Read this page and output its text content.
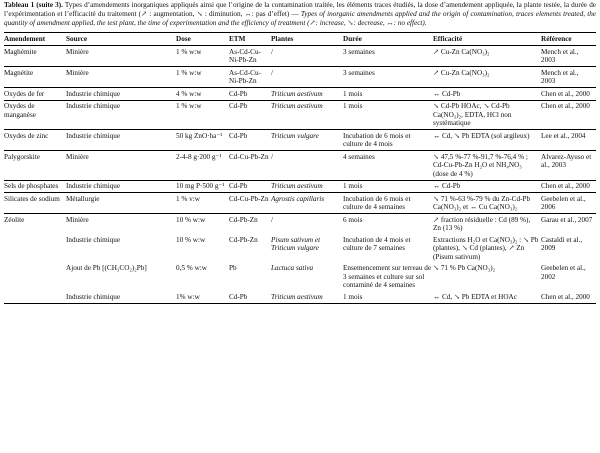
Tableau 1 (suite 3). Types d’amendements inorganiques appliqués ainsi que l’origine de la contamination traitée, les éléments traces étudiés, la dose d’amendement appliquée, la plante testée, la durée de l’expérimentation et l’efficacité du traitement (↗ : augmentation, ↘ : diminution, ↔: pas d’effet) — Types of inorganic amendments applied and the origin of contamination, traces elements treated, the quantity of amendment applied, the test plant, the time of experimentation and the efficiency of treatment (↗: increase, ↘: decrease, ↔: no effect).

Amendement	Source	Dose	ETM	Plantes	Durée	Efficacité	Référence
Maghémite	Minière	1 % w:w	As-Cd-Cu-Ni-Pb-Zn	/	3 semaines	↗ Cu-Zn Ca(NO₃)₂	Mench et al., 2003
Magnétite	Minière	1 % w:w	As-Cd-Cu-Ni-Pb-Zn	/	3 semaines	↗ Cu-Zn Ca(NO₃)₂	Mench et al., 2003
Oxydes de fer	Industrie chimique	4 % w:w	Cd-Pb	Triticum aestivum	1 mois	↔ Cd-Pb	Chen et al., 2000
Oxydes de manganèse	Industrie chimique	1 % w:w	Cd-Pb	Triticum aestivum	1 mois	↘ Cd-Pb HOAc, ↘ Cd-Pb Ca(NO₃)₂, EDTA, HCl non systématique	Chen et al., 2000
Oxydes de zinc	Industrie chimique	50 kg ZnO·ha⁻¹	Cd-Pb	Triticum vulgare	Incubation de 6 mois et culture de 4 mois	↔ Cd, ↘ Pb EDTA (sol argileux)	Lee et al., 2004
Palygorskite	Minière	2-4-8 g·200 g⁻¹	Cd-Cu-Pb-Zn	/	4 semaines	↘ 47,5 %-77 %-91,7 %-76,4 % ; Cd-Cu-Pb-Zn H₂O et NH₄NO₃ (dose de 4 %)	Alvarez-Ayuso et al., 2003
Sels de phosphates	Industrie chimique	10 mg P·500 g⁻¹	Cd-Pb	Triticum aestivum	1 mois	↔ Cd-Pb	Chen et al., 2000
Silicates de sodium	Métallurgie	1 % v:w	Cd-Cu-Pb-Zn	Agrostis capillaris	Incubation de 6 mois et culture de 4 semaines	↘ 71 %-63 %-79 % du Zn-Cd-Pb Ca(NO₃)₂ et ↔ Cu Ca(NO₃)₂	Geebelen et al., 2006
Zéolite	Minière	10 % w:w	Cd-Pb-Zn	/	6 mois	↗ fraction résiduelle : Cd (89 %), Zn (13 %)	Garau et al., 2007
	Industrie chimique	10 % w:w	Cd-Pb-Zn	Pisum sativum et Triticum vulgare	Incubation de 4 mois et culture de 7 semaines	Extractions H₂O et Ca(NO₃)₂ : ↘ Pb (plantes), ↘ Cd (plantes), ↗ Zn (Pisum sativum)	Castaldi et al., 2009
	Ajout de Pb [(CH₃CO₂)₂Pb]	0,5 % w:w	Pb	Lactuca sativa	Ensemencement sur terreau de 3 semaines et culture sur sol contaminé de 4 semaines	↘ 71 % Pb Ca(NO₃)₂	Geebelen et al., 2002
	Industrie chimique	1% w:w	Cd-Pb	Triticum aestivum	1 mois	↔ Cd, ↘ Pb EDTA et HOAc	Chen et al., 2000
